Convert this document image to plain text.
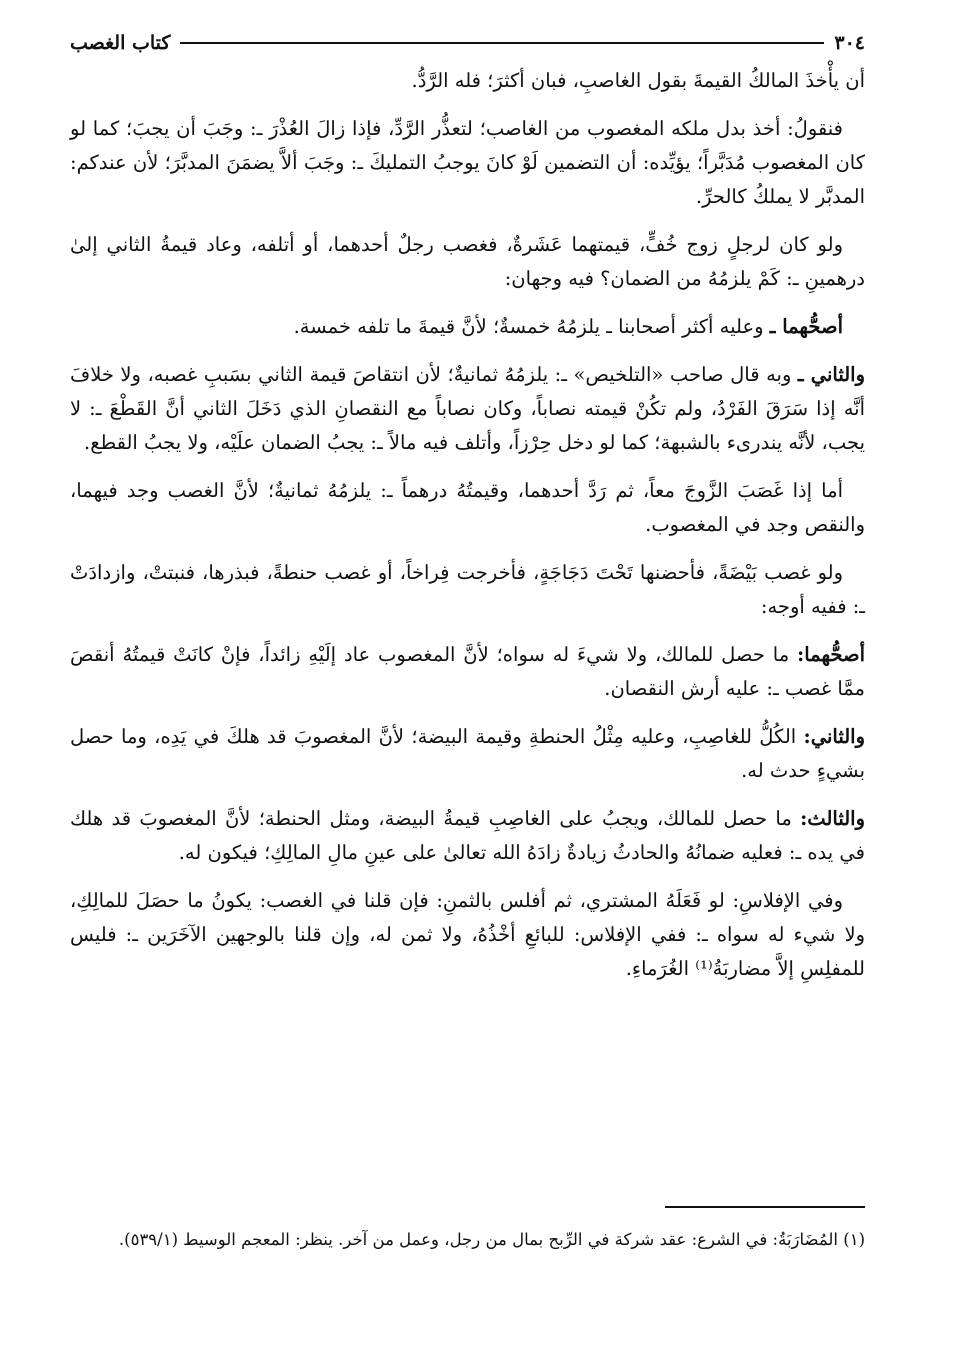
٣٠٤
كتاب الغصب

أن يأْخذَ المالكُ القيمةَ بقول الغاصبِ، فبان أكثرَ؛ فله الرَّدُّ.

فنقولُ: أخذ بدل ملكه المغصوب من الغاصب؛ لتعذُّر الرَّدِّ، فإذا زالَ العُذْرَ ـ: وجَبَ أن يجبَ؛ كما لو كان المغصوب مُدَبَّراً؛ يؤيِّده: أن التضمين لَوْ كانَ يوجبُ التمليكَ ـ: وجَبَ ألاَّ يضمَنَ المدبَّرَ؛ لأن عندكم: المدبَّر لا يملكُ كالحرِّ.

ولو كان لرجلٍ زوج خُفٍّ، قيمتهما عَشَرةٌ، فغصب رجلٌ أحدهما، أو أتلفه، وعاد قيمةُ الثاني إلىٰ درهمينِ ـ: كَمْ يلزمُهُ من الضمان؟ فيه وجهان:

أصحُّهما ـ وعليه أكثر أصحابنا ـ يلزمُهُ خمسةٌ؛ لأنَّ قيمةَ ما تلفه خمسة.

والثاني ـ وبه قال صاحب «التلخيص» ـ: يلزمُهُ ثمانيةٌ؛ لأن انتقاصَ قيمة الثاني بسَببِ غصبه، ولا خلافَ أنَّه إذا سَرَقَ الفَرْدُ، ولم تكُنْ قيمته نصاباً، وكان نصاباً مع النقصانِ الذي دَخَلَ الثاني أنَّ القَطْعَ ـ: لا يجب، لأنَّه يندرىء بالشبهة؛ كما لو دخل حِرْزاً، وأتلف فيه مالاً ـ: يجبُ الضمان علَيْه، ولا يجبُ القطع.

أما إذا غَصَبَ الزَّوجَ معاً، ثم رَدَّ أحدهما، وقيمتُهُ درهماً ـ: يلزمُهُ ثمانيةٌ؛ لأنَّ الغصب وجد فيهما، والنقص وجد في المغصوب.

ولو غصب بَيْضَةً، فأحضنها تَحْتَ دَجَاجَةٍ، فأخرجت فِراخاً، أو غصب حنطةً، فبذرها، فنبتتْ، وازدادَتْ ـ: ففيه أوجه:

أصحُّهما: ما حصل للمالك، ولا شيءَ له سواه؛ لأنَّ المغصوب عاد إلَيْهِ زائداً، فإنْ كانَتْ قيمتُهُ أنقصَ ممَّا غصب ـ: عليه أرش النقصان.

والثاني: الكُلُّ للغاصِبِ، وعليه مِثْلُ الحنطةِ وقيمة البيضة؛ لأنَّ المغصوبَ قد هلكَ في يَدِه، وما حصل بشيءٍ حدث له.

والثالث: ما حصل للمالك، ويجبُ على الغاصِبِ قيمةُ البيضة، ومثل الحنطة؛ لأنَّ المغصوبَ قد هلك في يده ـ: فعليه ضمانُهُ والحادثُ زيادةٌ زادَهُ الله تعالىٰ على عينِ مالِ المالِكِ؛ فيكون له.

وفي الإفلاسِ: لو فَعَلَهُ المشتري، ثم أفلس بالثمنِ: فإن قلنا في الغصب: يكونُ ما حصَلَ للمالِكِ، ولا شيء له سواه ـ: ففي الإفلاس: للبائعِ أخْذُهُ، ولا ثمن له، وإن قلنا بالوجهين الآخَرَين ـ: فليس للمفلِسِ إلاَّ مضاربَةُ⁽¹⁾ الغُرَماءِ.

(١) المُضَارَبَةُ: في الشرع: عقد شركة في الرِّبح بمال من رجل، وعمل من آخر. ينظر: المعجم الوسيط (٥٣٩/١).
